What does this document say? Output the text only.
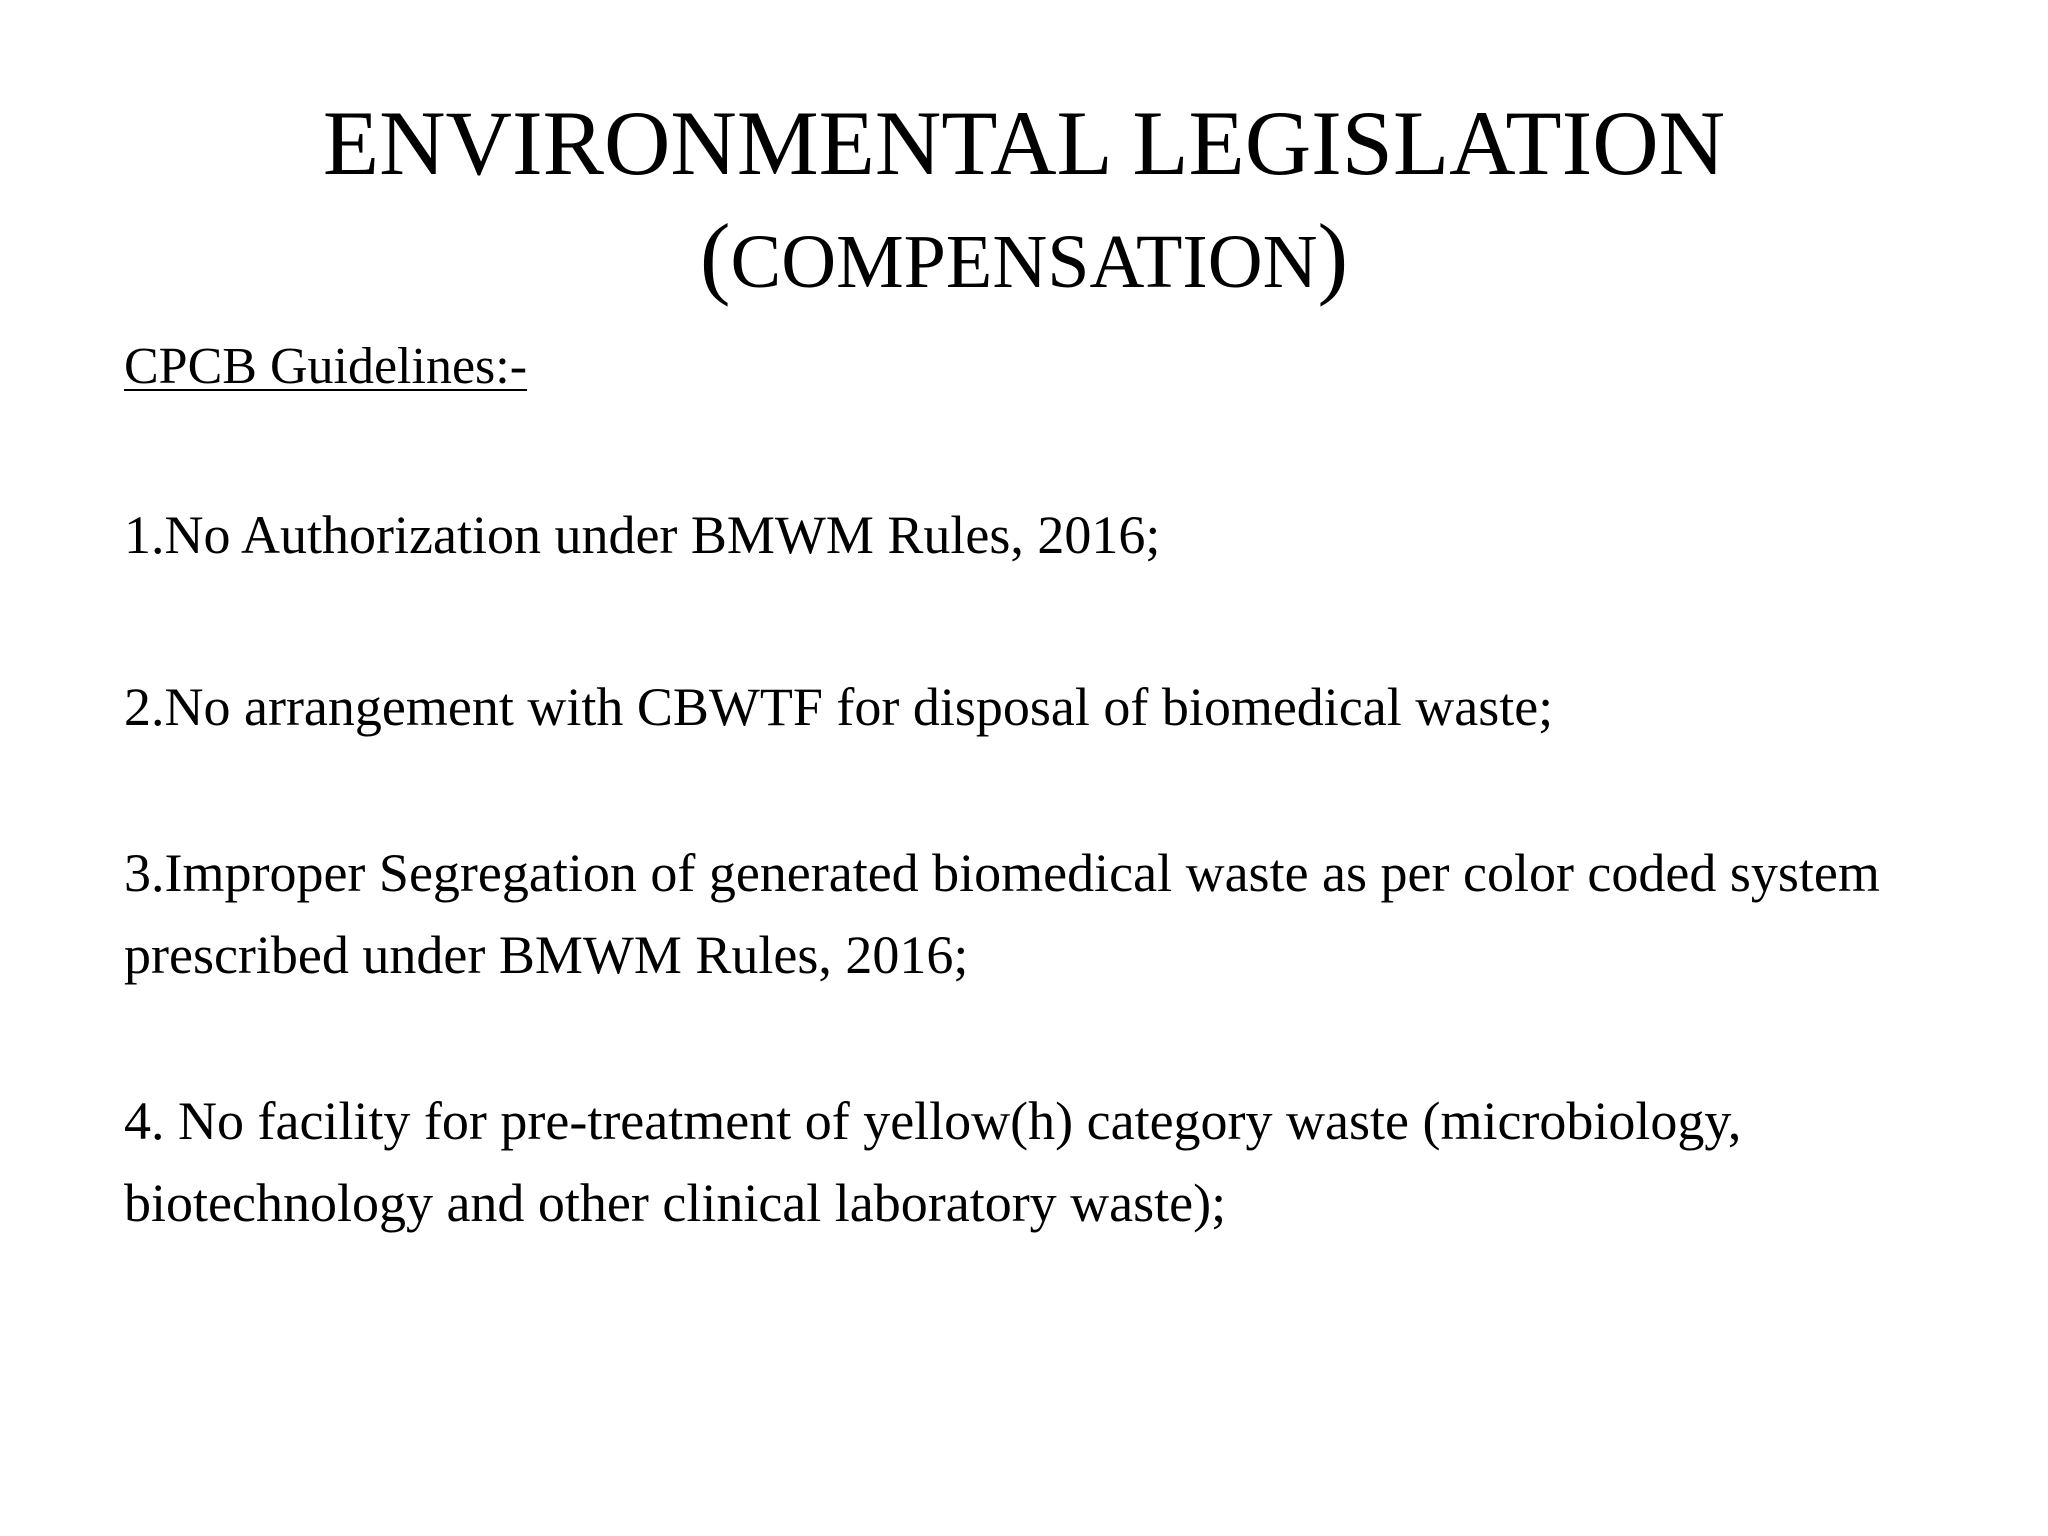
ENVIRONMENTAL LEGISLATION
(COMPENSATION)
CPCB Guidelines:-
1.No Authorization under BMWM Rules, 2016;
2.No arrangement with CBWTF for disposal of biomedical waste;
3.Improper Segregation of generated biomedical waste as per color coded system prescribed under BMWM Rules, 2016;
4. No facility for pre-treatment of yellow(h) category waste (microbiology, biotechnology and other clinical laboratory waste);
